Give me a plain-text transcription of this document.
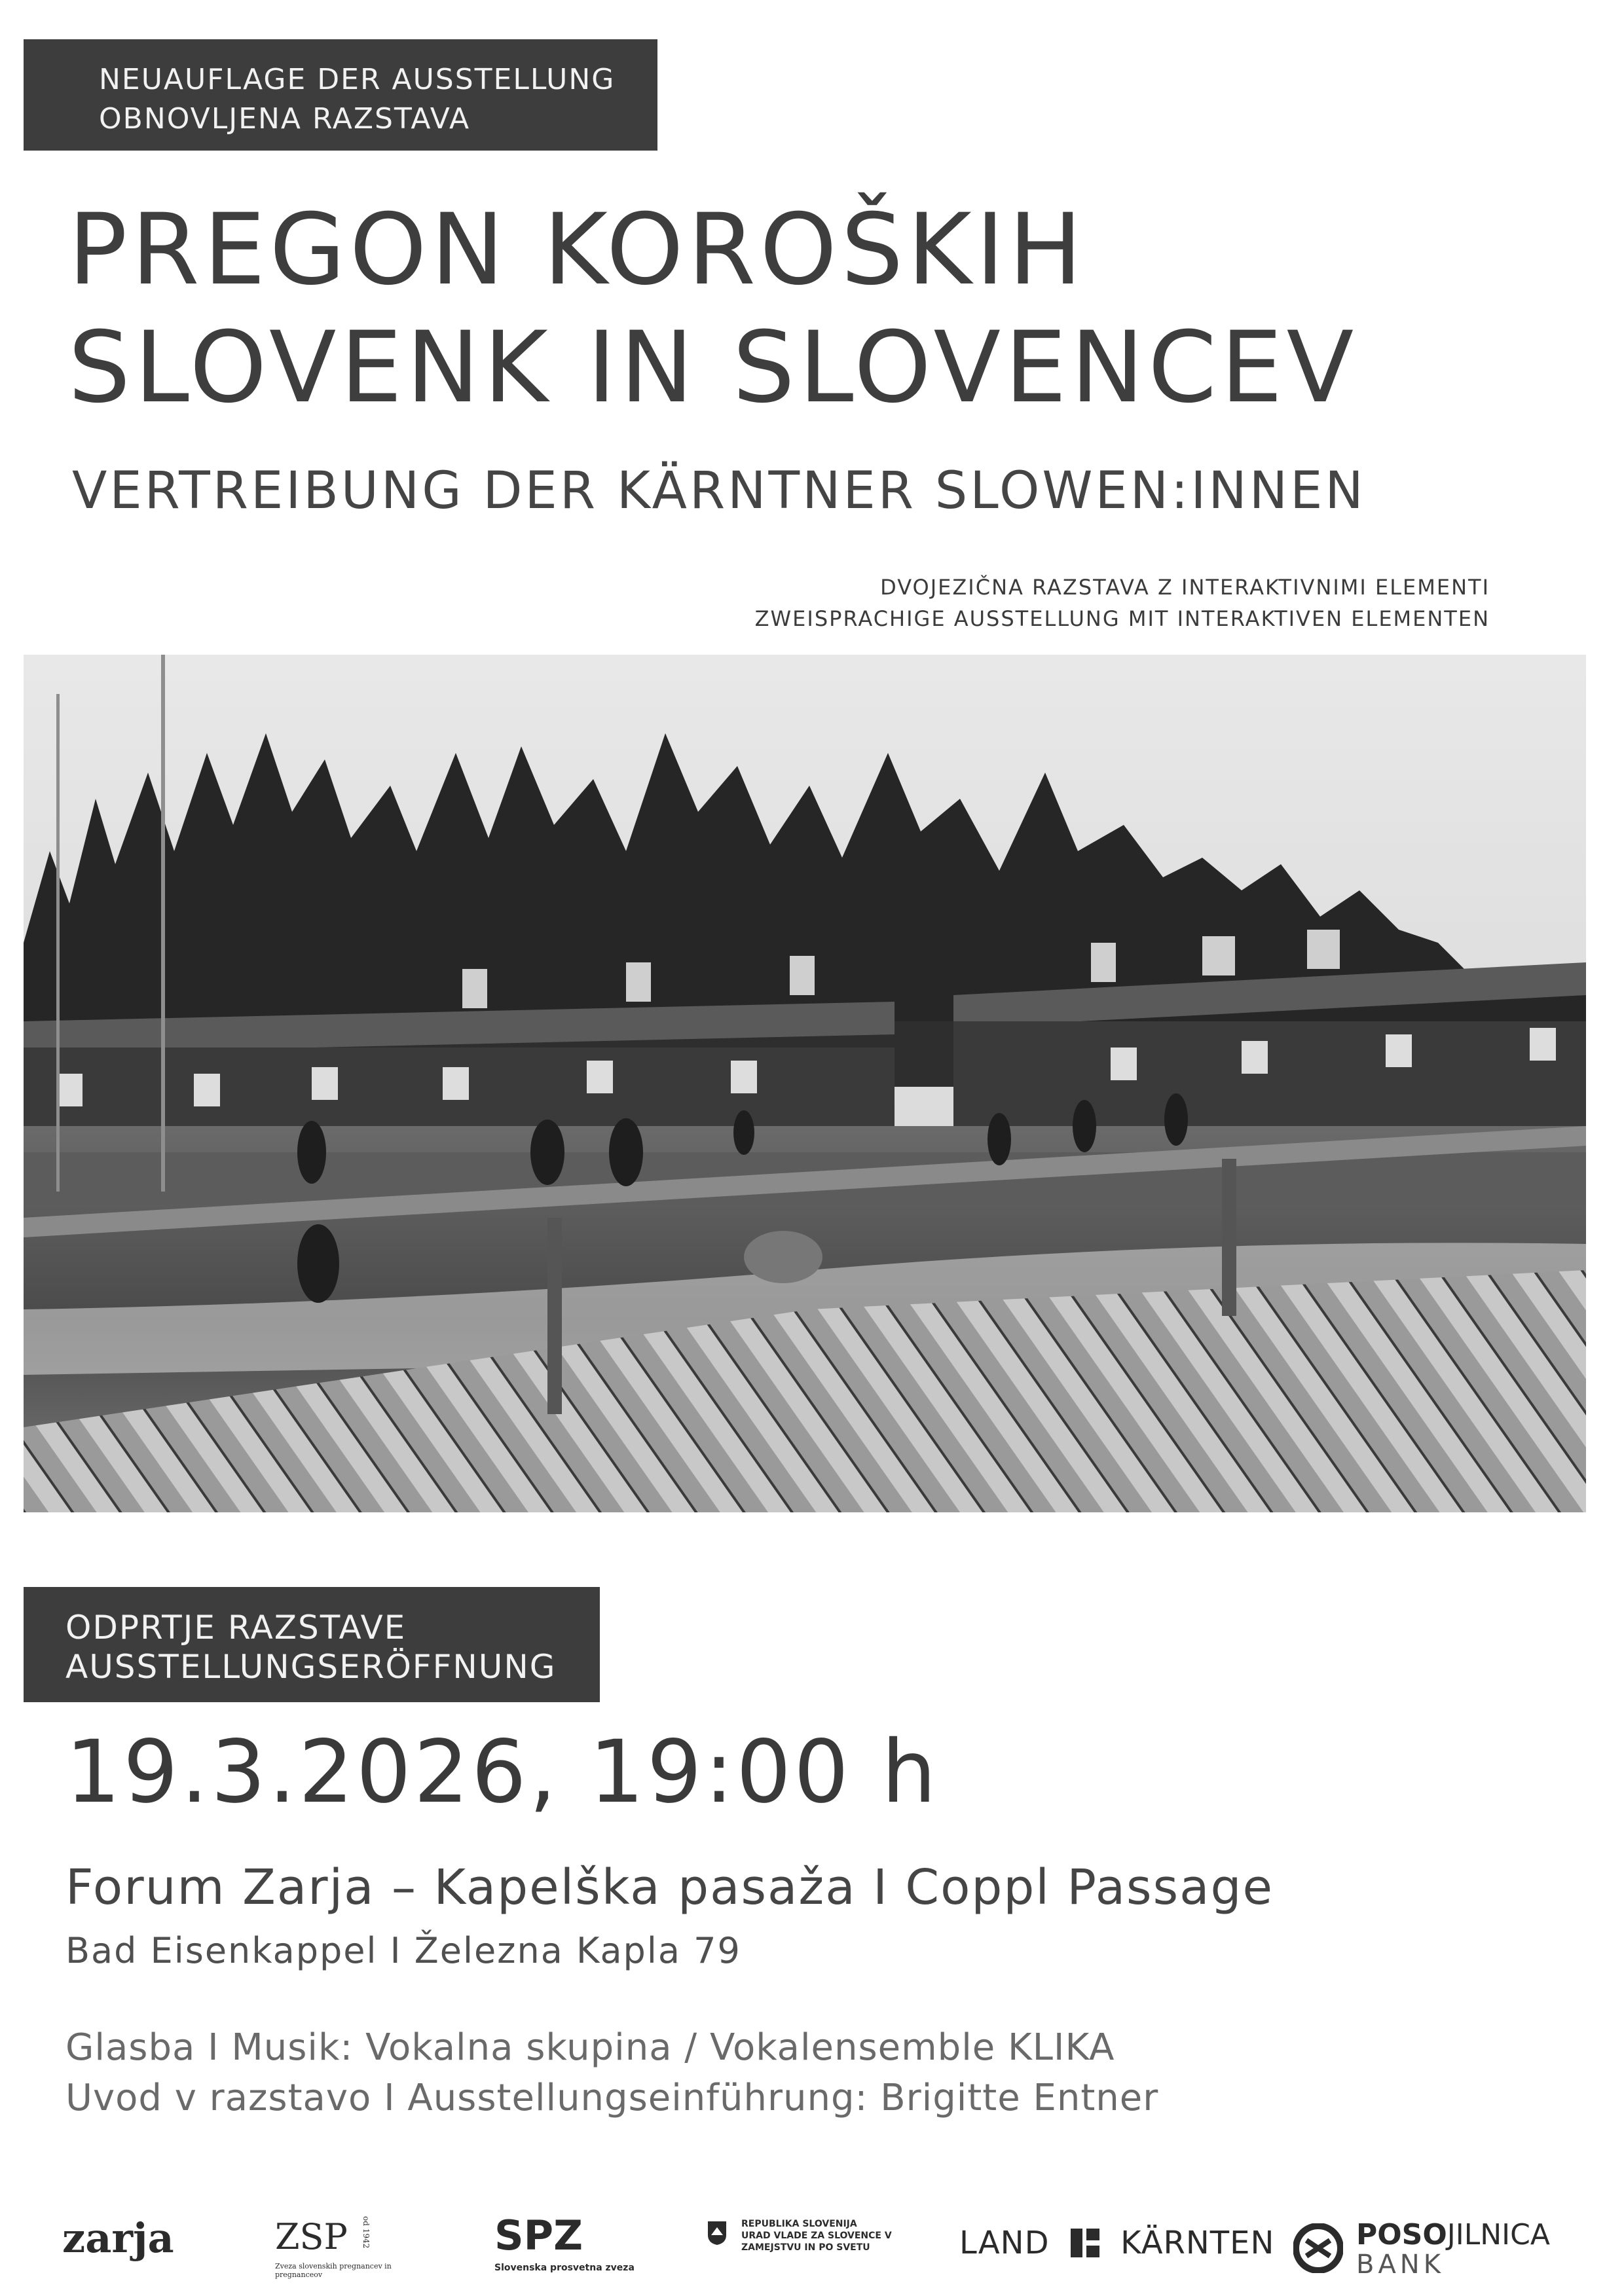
NEUAUFLAGE DER AUSSTELLUNG
OBNOVLJENA RAZSTAVA
PREGON KOROŠKIH
SLOVENK IN SLOVENCEV
VERTREIBUNG DER KÄRNTNER SLOWEN:INNEN
DVOJEZIČNA RAZSTAVA Z INTERAKTIVNIMI ELEMENTI
ZWEISPRACHIGE AUSSTELLUNG MIT INTERAKTIVEN ELEMENTEN
ODPRTJE RAZSTAVE
AUSSTELLUNGSERÖFFNUNG
19.3.2026, 19:00 h
Forum Zarja – Kapelška pasaža I Coppl Passage
Bad Eisenkappel I Železna Kapla 79
Glasba I Musik: Vokalna skupina / Vokalensemble KLIKA
Uvod v razstavo I Ausstellungseinführung: Brigitte Entner
zarja	ZSP od 1942
Zveza slovenskih pregnancev in pregnanceov
SPZ
Slovenska prosvetna zveza
REPUBLIKA SLOVENIJA
URAD VLADE ZA SLOVENCE V
ZAMEJSTVU IN PO SVETU	LAND KÄRNTEN	POSOJILNICA
BANK
